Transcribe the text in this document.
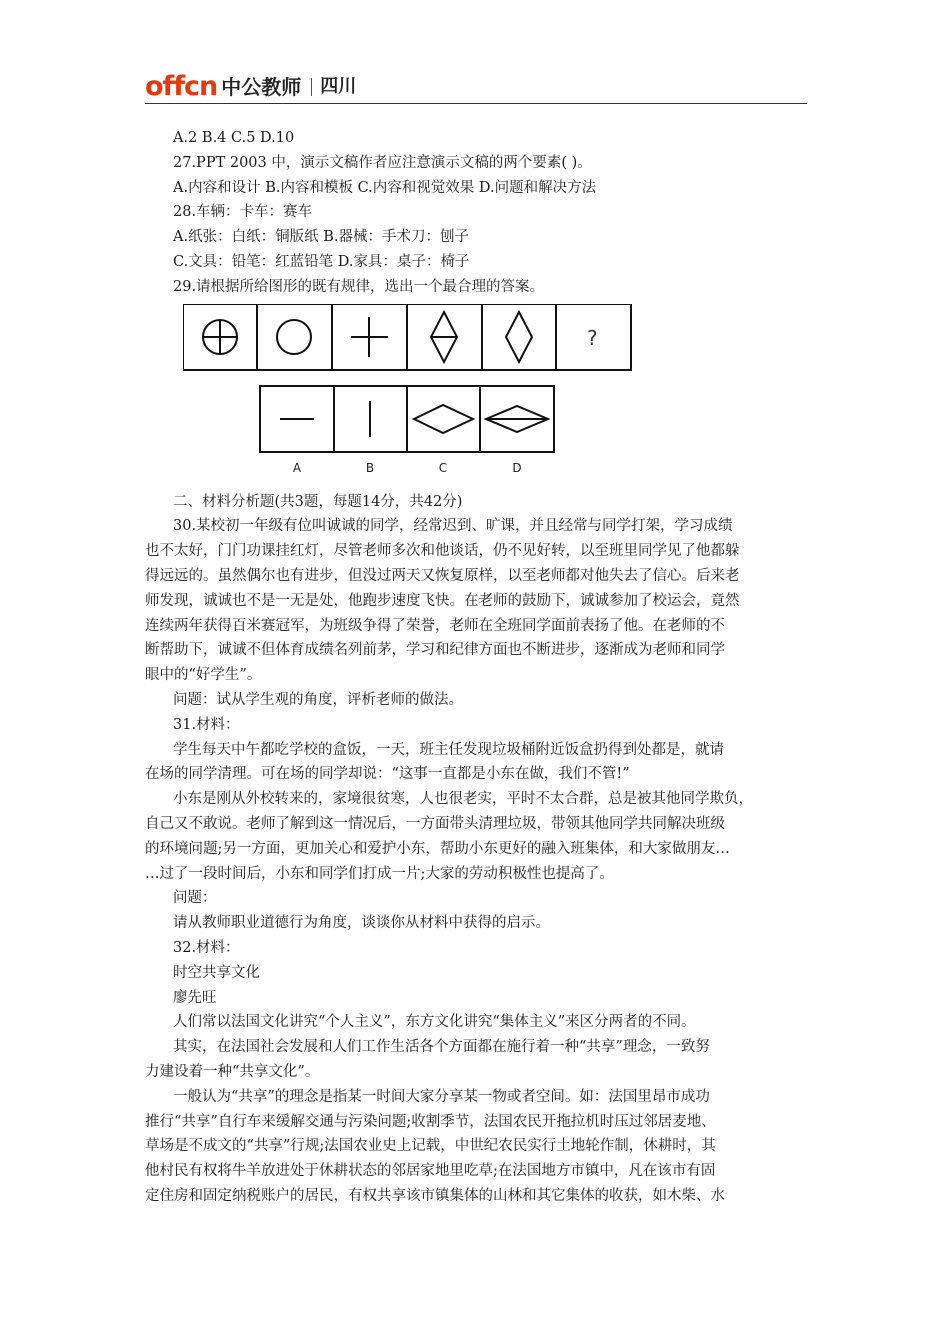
offcn 中公教师 四川
A.2 B.4 C.5 D.10
27.PPT 2003 中，演示文稿作者应注意演示文稿的两个要素( )。
A.内容和设计 B.内容和模板 C.内容和视觉效果 D.问题和解决方法
28.车辆：卡车：赛车
A.纸张：白纸：铜版纸 B.器械：手术刀：刨子
C.文具：铅笔：红蓝铅笔 D.家具：桌子：椅子
29.请根据所给图形的既有规律，选出一个最合理的答案。
?
A	B	C	D
二、材料分析题(共3题，每题14分，共42分)
30.某校初一年级有位叫诚诚的同学，经常迟到、旷课，并且经常与同学打架，学习成绩
也不太好，门门功课挂红灯，尽管老师多次和他谈话，仍不见好转，以至班里同学见了他都躲
得远远的。虽然偶尔也有进步，但没过两天又恢复原样，以至老师都对他失去了信心。后来老
师发现，诚诚也不是一无是处，他跑步速度飞快。在老师的鼓励下，诚诚参加了校运会，竟然
连续两年获得百米赛冠军，为班级争得了荣誉，老师在全班同学面前表扬了他。在老师的不
断帮助下，诚诚不但体育成绩名列前茅，学习和纪律方面也不断进步，逐渐成为老师和同学
眼中的“好学生”。
问题：试从学生观的角度，评析老师的做法。
31.材料：
学生每天中午都吃学校的盒饭，一天，班主任发现垃圾桶附近饭盒扔得到处都是，就请
在场的同学清理。可在场的同学却说：“这事一直都是小东在做，我们不管!”
小东是刚从外校转来的，家境很贫寒，人也很老实，平时不太合群，总是被其他同学欺负，
自己又不敢说。老师了解到这一情况后，一方面带头清理垃圾，带领其他同学共同解决班级
的环境问题;另一方面，更加关心和爱护小东，帮助小东更好的融入班集体，和大家做朋友…
…过了一段时间后，小东和同学们打成一片;大家的劳动积极性也提高了。
问题：
请从教师职业道德行为角度，谈谈你从材料中获得的启示。
32.材料：
时空共享文化
廖先旺
人们常以法国文化讲究“个人主义”，东方文化讲究“集体主义”来区分两者的不同。
其实，在法国社会发展和人们工作生活各个方面都在施行着一种“共享”理念，一致努
力建设着一种“共享文化”。
一般认为“共享”的理念是指某一时间大家分享某一物或者空间。如：法国里昂市成功
推行“共享”自行车来缓解交通与污染问题;收割季节，法国农民开拖拉机时压过邻居麦地、
草场是不成文的“共享”行规;法国农业史上记载，中世纪农民实行土地轮作制，休耕时，其
他村民有权将牛羊放进处于休耕状态的邻居家地里吃草;在法国地方市镇中，凡在该市有固
定住房和固定纳税账户的居民，有权共享该市镇集体的山林和其它集体的收获，如木柴、水
